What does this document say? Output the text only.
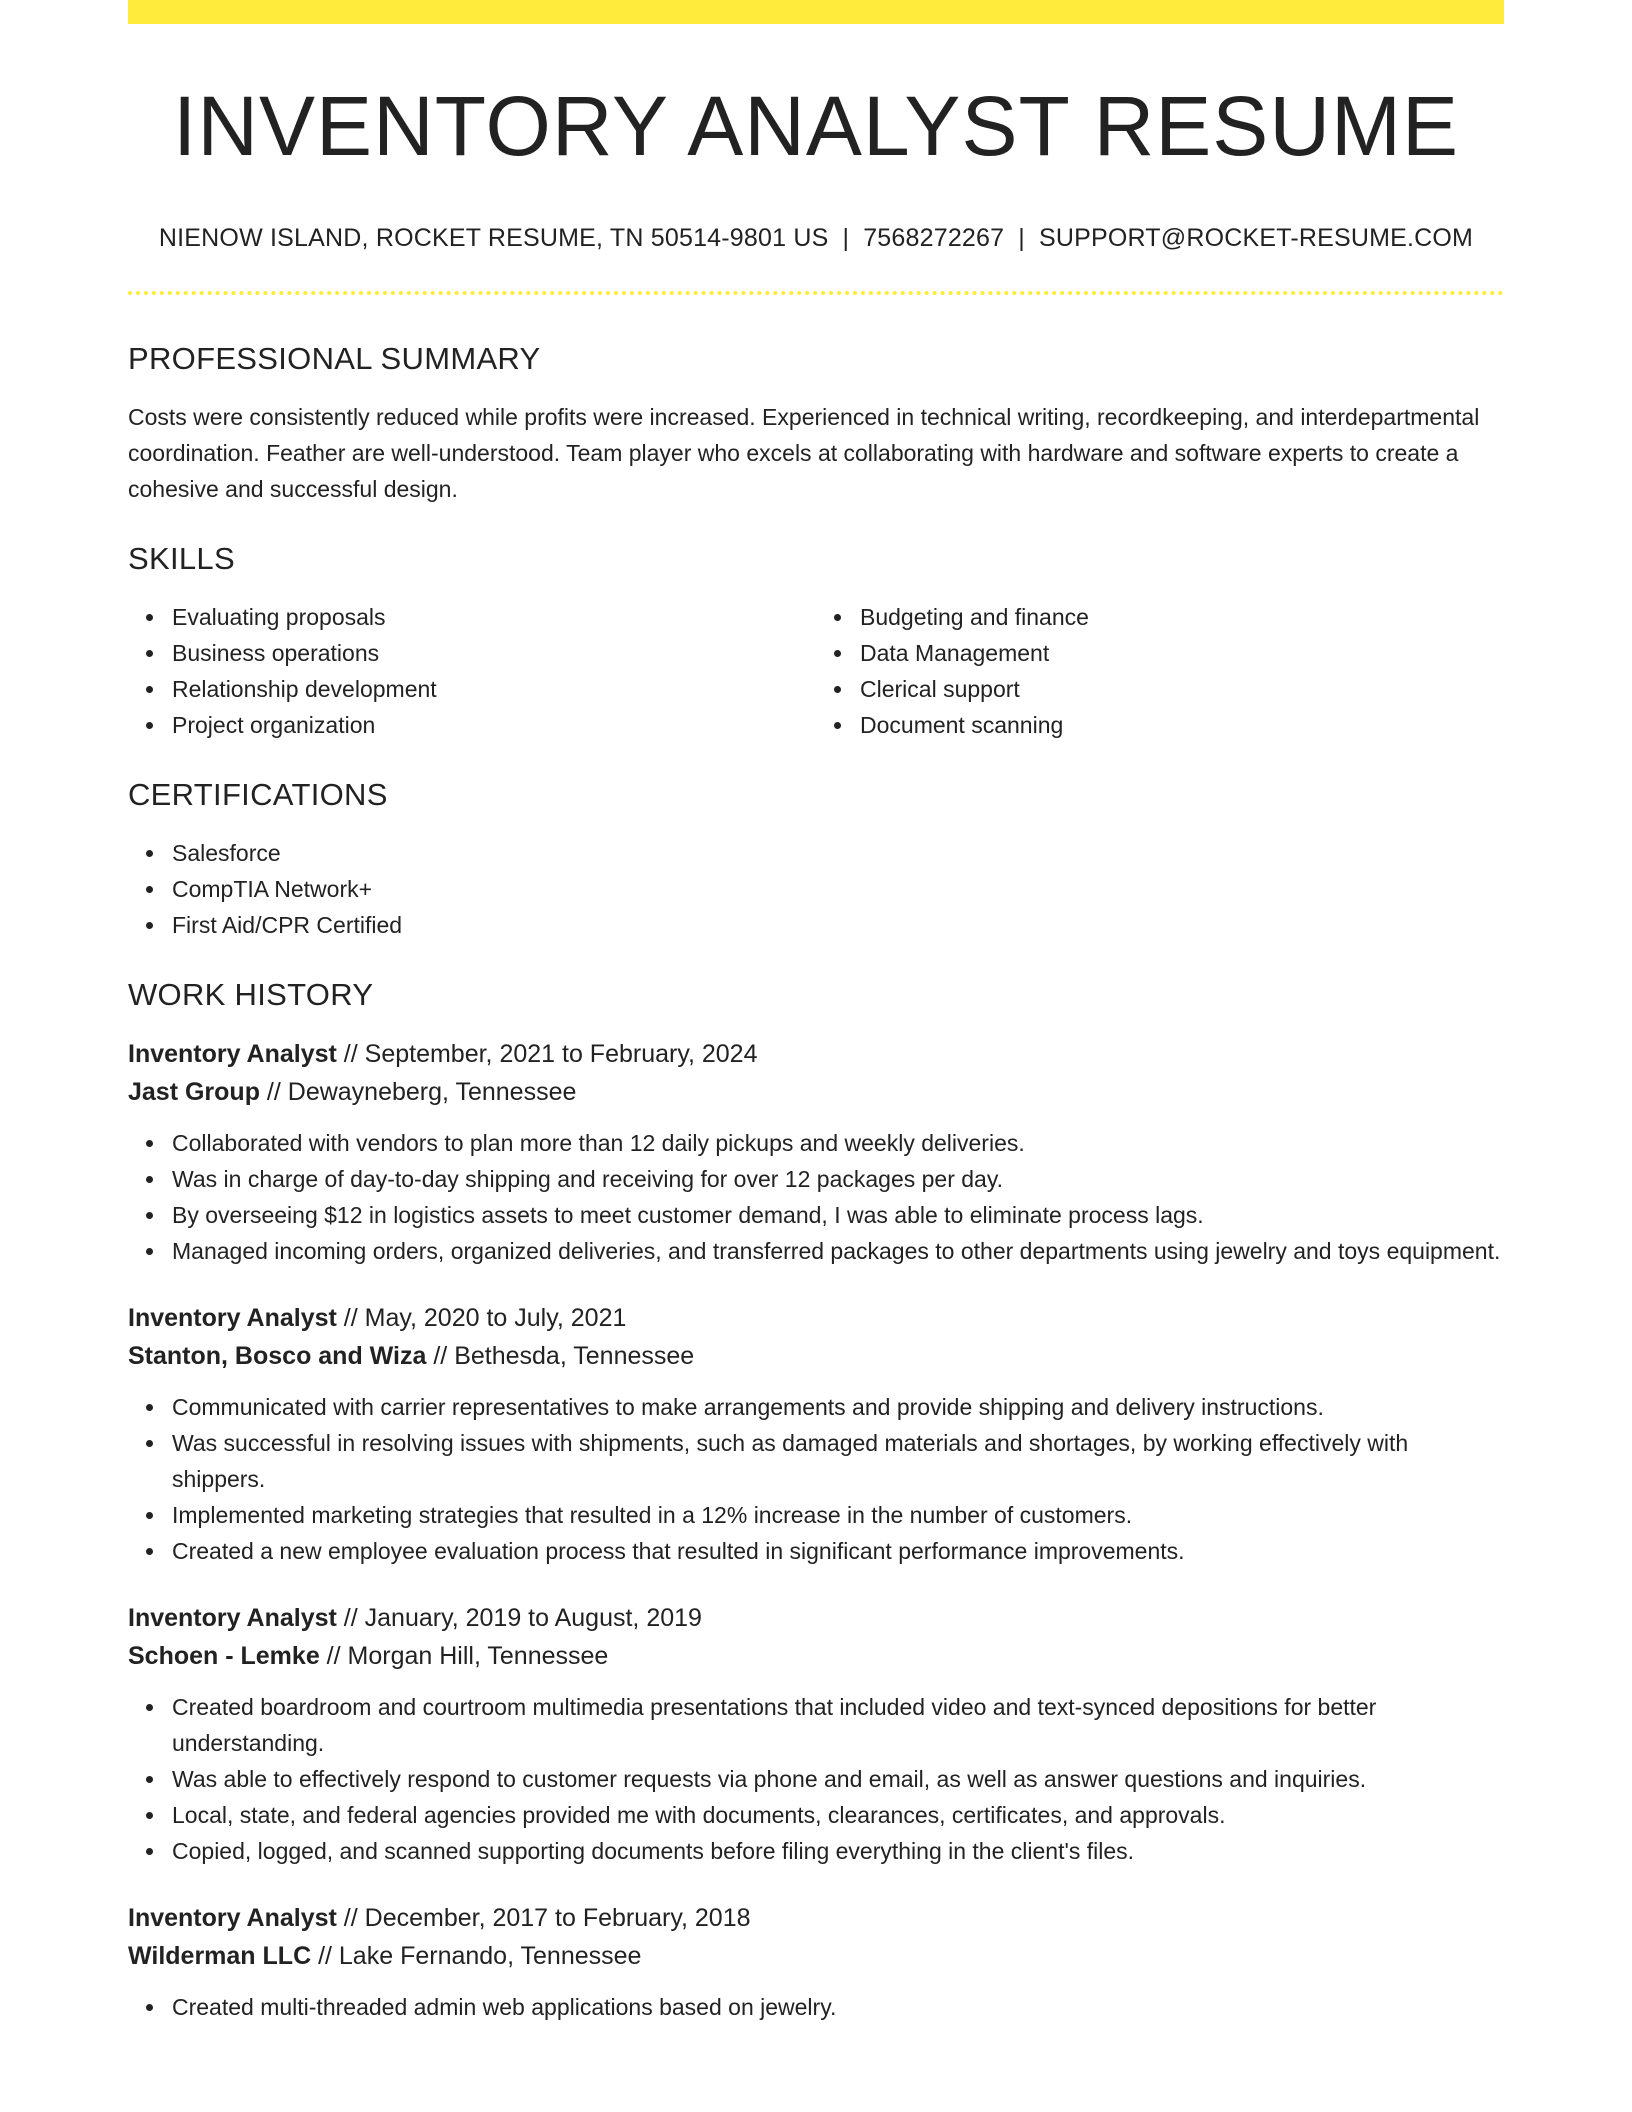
INVENTORY ANALYST RESUME
NIENOW ISLAND, ROCKET RESUME, TN 50514-9801 US | 7568272267 | SUPPORT@ROCKET-RESUME.COM
PROFESSIONAL SUMMARY

Costs were consistently reduced while profits were increased. Experienced in technical writing, recordkeeping, and interdepartmental coordination. Feather are well-understood. Team player who excels at collaborating with hardware and software experts to create a cohesive and successful design.

SKILLS
Evaluating proposals
Business operations
Relationship development
Project organization
Budgeting and finance
Data Management
Clerical support
Document scanning
CERTIFICATIONS
Salesforce
CompTIA Network+
First Aid/CPR Certified
WORK HISTORY
Inventory Analyst // September, 2021 to February, 2024
Jast Group // Dewayneberg, Tennessee
Collaborated with vendors to plan more than 12 daily pickups and weekly deliveries.
Was in charge of day-to-day shipping and receiving for over 12 packages per day.
By overseeing $12 in logistics assets to meet customer demand, I was able to eliminate process lags.
Managed incoming orders, organized deliveries, and transferred packages to other departments using jewelry and toys equipment.
Inventory Analyst // May, 2020 to July, 2021
Stanton, Bosco and Wiza // Bethesda, Tennessee
Communicated with carrier representatives to make arrangements and provide shipping and delivery instructions.
Was successful in resolving issues with shipments, such as damaged materials and shortages, by working effectively with shippers.
Implemented marketing strategies that resulted in a 12% increase in the number of customers.
Created a new employee evaluation process that resulted in significant performance improvements.
Inventory Analyst // January, 2019 to August, 2019
Schoen - Lemke // Morgan Hill, Tennessee
Created boardroom and courtroom multimedia presentations that included video and text-synced depositions for better understanding.
Was able to effectively respond to customer requests via phone and email, as well as answer questions and inquiries.
Local, state, and federal agencies provided me with documents, clearances, certificates, and approvals.
Copied, logged, and scanned supporting documents before filing everything in the client's files.
Inventory Analyst // December, 2017 to February, 2018
Wilderman LLC // Lake Fernando, Tennessee
Created multi-threaded admin web applications based on jewelry.
